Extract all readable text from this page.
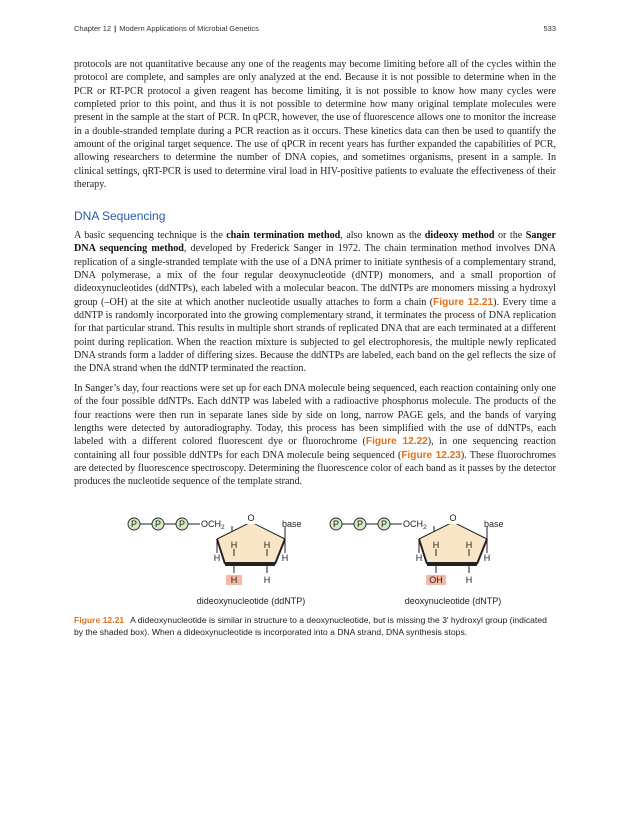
Chapter 12 | Modern Applications of Microbial Genetics	533

protocols are not quantitative because any one of the reagents may become limiting before all of the cycles within the protocol are complete, and samples are only analyzed at the end. Because it is not possible to determine when in the PCR or RT-PCR protocol a given reagent has become limiting, it is not possible to know how many cycles were completed prior to this point, and thus it is not possible to determine how many original template molecules were present in the sample at the start of PCR. In qPCR, however, the use of fluorescence allows one to monitor the increase in a double-stranded template during a PCR reaction as it occurs. These kinetics data can then be used to quantify the amount of the original target sequence. The use of qPCR in recent years has further expanded the capabilities of PCR, allowing researchers to determine the number of DNA copies, and sometimes organisms, present in a sample. In clinical settings, qRT-PCR is used to determine viral load in HIV-positive patients to evaluate the effectiveness of their therapy.

DNA Sequencing

A basic sequencing technique is the chain termination method, also known as the dideoxy method or the Sanger DNA sequencing method, developed by Frederick Sanger in 1972. The chain termination method involves DNA replication of a single-stranded template with the use of a DNA primer to initiate synthesis of a complementary strand, DNA polymerase, a mix of the four regular deoxynucleotide (dNTP) monomers, and a small proportion of dideoxynucleotides (ddNTPs), each labeled with a molecular beacon. The ddNTPs are monomers missing a hydroxyl group (–OH) at the site at which another nucleotide usually attaches to form a chain (Figure 12.21). Every time a ddNTP is randomly incorporated into the growing complementary strand, it terminates the process of DNA replication for that particular strand. This results in multiple short strands of replicated DNA that are each terminated at a different point during replication. When the reaction mixture is subjected to gel electrophoresis, the multiple newly replicated DNA strands form a ladder of differing sizes. Because the ddNTPs are labeled, each band on the gel reflects the size of the DNA strand when the ddNTP terminated the reaction.

In Sanger’s day, four reactions were set up for each DNA molecule being sequenced, each reaction containing only one of the four possible ddNTPs. Each ddNTP was labeled with a radioactive phosphorus molecule. The products of the four reactions were then run in separate lanes side by side on long, narrow PAGE gels, and the bands of varying lengths were detected by autoradiography. Today, this process has been simplified with the use of ddNTPs, each labeled with a different colored fluorescent dye or fluorochrome (Figure 12.22), in one sequencing reaction containing all four possible ddNTPs for each DNA molecule being sequenced (Figure 12.23). These fluorochromes are detected by fluorescence spectroscopy. Determining the fluorescence color of each band as it passes by the detector produces the nucleotide sequence of the template strand.

P P P $OCH_2$
O
base
H	H
H	H
H	H
dideoxynucleotide (ddNTP)
P P P $OCH_2$
O
base
H	H
H	H
OH	H
deoxynucleotide (dNTP)

Figure 12.21 A dideoxynucleotide is similar in structure to a deoxynucleotide, but is missing the 3′ hydroxyl group (indicated by the shaded box). When a dideoxynucleotide is incorporated into a DNA strand, DNA synthesis stops.
